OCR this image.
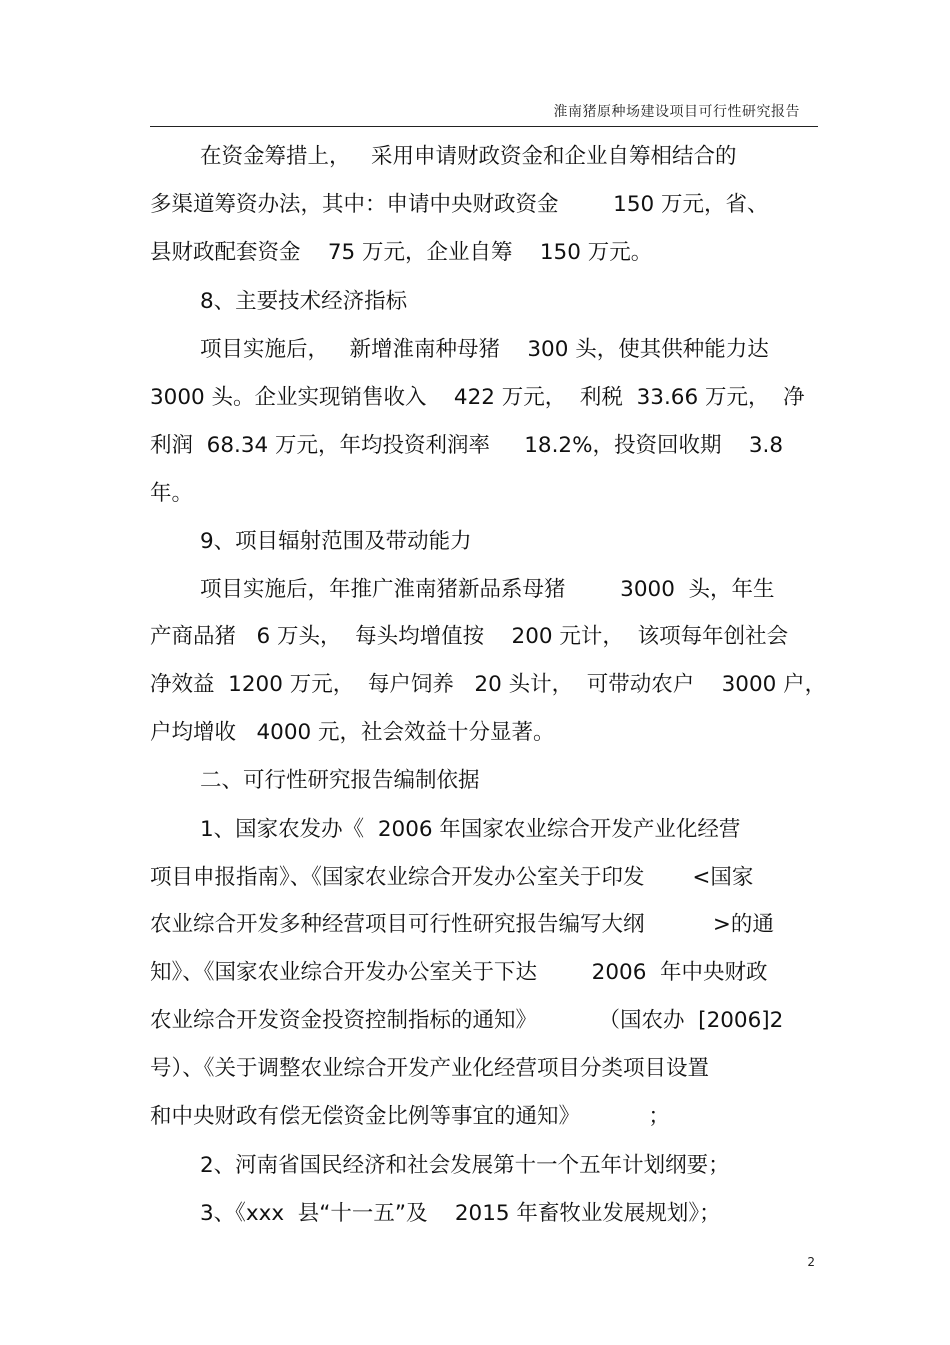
淮南猪原种场建设项目可行性研究报告
在资金筹措上，   采用申请财政资金和企业自筹相结合的
多渠道筹资办法，其中：申请中央财政资金        150 万元，省、
县财政配套资金    75 万元，企业自筹    150 万元。
8、主要技术经济指标
项目实施后，   新增淮南种母猪    300 头，使其供种能力达
3000 头。企业实现销售收入    422 万元，  利税  33.66 万元，  净
利润  68.34 万元，年均投资利润率     18.2%，投资回收期    3.8
年。
9、项目辐射范围及带动能力
项目实施后，年推广淮南猪新品系母猪        3000  头，年生
产商品猪   6 万头，  每头均增值按    200 元计，  该项每年创社会
净效益  1200 万元，  每户饲养   20 头计，  可带动农户    3000 户，
户均增收   4000 元，社会效益十分显著。
二、可行性研究报告编制依据
1、国家农发办《  2006 年国家农业综合开发产业化经营
项目申报指南》、《国家农业综合开发办公室关于印发       <国家
农业综合开发多种经营项目可行性研究报告编写大纲          >的通
知》、《国家农业综合开发办公室关于下达        2006  年中央财政
农业综合开发资金投资控制指标的通知》         （国农办  [2006]2
号）、《关于调整农业综合开发产业化经营项目分类项目设置
和中央财政有偿无偿资金比例等事宜的通知》          ；
2、河南省国民经济和社会发展第十一个五年计划纲要；
3、《xxx  县“十一五”及    2015 年畜牧业发展规划》；
2
